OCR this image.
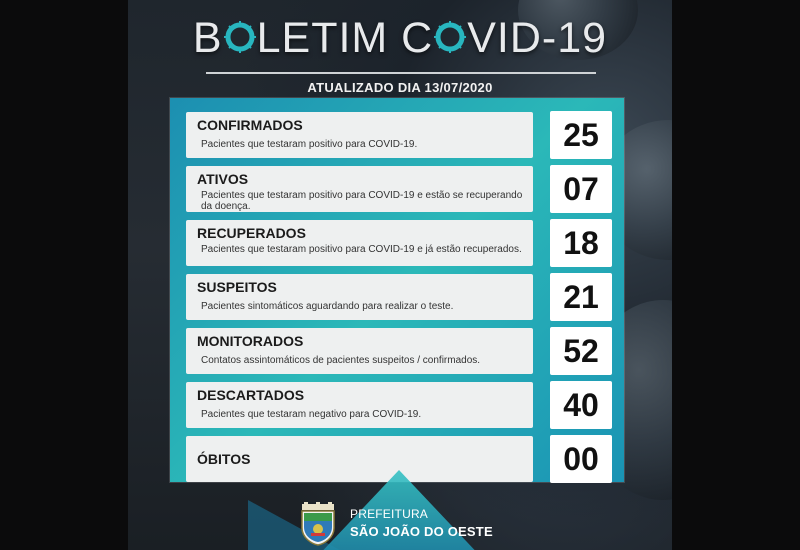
B LETIM C VID-19
ATUALIZADO DIA 13/07/2020
CONFIRMADOS
Pacientes que testaram positivo para COVID-19.	25
ATIVOS
Pacientes que testaram positivo para COVID-19 e estão se recuperando da doença.	07
RECUPERADOS
Pacientes que testaram positivo para COVID-19 e já estão recuperados.	18
SUSPEITOS
Pacientes sintomáticos aguardando para realizar o teste.	21
MONITORADOS
Contatos assintomáticos de pacientes suspeitos / confirmados.	52
DESCARTADOS
Pacientes que testaram negativo para COVID-19.	40
ÓBITOS	00
PREFEITURA
SÃO JOÃO DO OESTE
